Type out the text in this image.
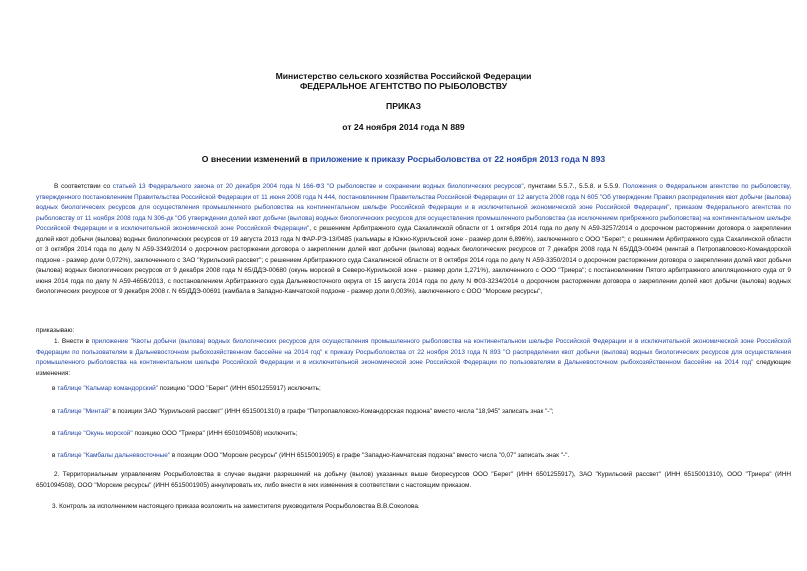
Министерство сельского хозяйства Российской Федерации
ФЕДЕРАЛЬНОЕ АГЕНТСТВО ПО РЫБОЛОВСТВУ
ПРИКАЗ
от 24 ноября 2014 года N 889
О внесении изменений в приложение к приказу Росрыболовства от 22 ноября 2013 года N 893
В соответствии со статьей 13 Федерального закона от 20 декабря 2004 года N 166-ФЗ "О рыболовстве и сохранении водных биологических ресурсов", пунктами 5.5.7., 5.5.8. и 5.5.9. Положения о Федеральном агентстве по рыболовству, утвержденного постановлением Правительства Российской Федерации от 11 июня 2008 года N 444, постановлением Правительства Российской Федерации от 12 августа 2008 года N 605 "Об утверждении Правил распределения квот добычи (вылова) водных биологических ресурсов для осуществления промышленного рыболовства на континентальном шельфе Российской Федерации и в исключительной экономической зоне Российской Федерации", приказом Федерального агентства по рыболовству от 11 ноября 2008 года N 306-дк "Об утверждении долей квот добычи (вылова) водных биологических ресурсов для осуществления промышленного рыболовства (за исключением прибрежного рыболовства) на континентальном шельфе Российской Федерации и в исключительной экономической зоне Российской Федерации", с решением Арбитражного суда Сахалинской области от 1 октября 2014 года по делу N А59-3257/2014 о досрочном расторжении договора о закреплении долей квот добычи (вылова) водных биологических ресурсов от 19 августа 2013 года N ФАР-РЭ-13/0485 (кальмары в Южно-Курильской зоне - размер доли 6,896%), заключенного с ООО "Берег"; с решением Арбитражного суда Сахалинской области от 3 октября 2014 года по делу N А59-3349/2014 о досрочном расторжении договора о закреплении долей квот добычи (вылова) водных биологических ресурсов от 7 декабря 2008 года N 65/ДДЭ-00494 (минтай в Петропавловско-Командорской подзоне - размер доли 0,072%), заключенного с ЗАО "Курильский рассвет"; с решением Арбитражного суда Сахалинской области от 8 октября 2014 года по делу N А59-3350/2014 о досрочном расторжении договора о закреплении долей квот добычи (вылова) водных биологических ресурсов от 9 декабря 2008 года N 65/ДДЭ-00680 (окунь морской в Северо-Курильской зоне - размер доли 1,271%), заключенного с ООО "Триера"; с постановлением Пятого арбитражного апелляционного суда от 9 июня 2014 года по делу N А59-4656/2013, с постановлением Арбитражного суда Дальневосточного округа от 15 августа 2014 года по делу N Ф03-3234/2014 о досрочном расторжении договора о закреплении долей квот добычи (вылова) водных биологических ресурсов от 9 декабря 2008 г. N 65/ДДЭ-00691 (камбала в Западно-Камчатской подзоне - размер доли 0,003%), заключенного с ООО "Морские ресурсы",
приказываю:
1. Внести в приложение "Квоты добычи (вылова) водных биологических ресурсов для осуществления промышленного рыболовства на континентальном шельфе Российской Федерации и в исключительной экономической зоне Российской Федерации по пользователям в Дальневосточном рыбохозяйственном бассейне на 2014 год" к приказу Росрыболовства от 22 ноября 2013 года N 893 "О распределении квот добычи (вылова) водных биологических ресурсов для осуществления промышленного рыболовства на континентальном шельфе Российской Федерации и в исключительной экономической зоне Российской Федерации по пользователям в Дальневосточном рыбохозяйственном бассейне на 2014 год" следующие изменения:
в таблице "Кальмар командорский" позицию "ООО "Берег" (ИНН 6501255917) исключить;
в таблице "Минтай" в позиции ЗАО "Курильский рассвет" (ИНН 6515001310) в графе "Петропавловско-Командорская подзона" вместо числа "18,945" записать знак "-";
в таблице "Окунь морской" позицию ООО "Триера" (ИНН 6501094508) исключить;
в таблице "Камбалы дальневосточные" в позиции ООО "Морские ресурсы" (ИНН 6515001905) в графе "Западно-Камчатская подзона" вместо числа "0,07" записать знак "-".
2. Территориальным управлениям Росрыболовства в случае выдачи разрешений на добычу (вылов) указанных выше биоресурсов ООО "Берег" (ИНН 6501255917), ЗАО "Курильский рассвет" (ИНН 6515001310), ООО "Триера" (ИНН 6501094508), ООО "Морские ресурсы" (ИНН 6515001905) аннулировать их, либо внести в них изменения в соответствии с настоящим приказом.
3. Контроль за исполнением настоящего приказа возложить на заместителя руководителя Росрыболовства В.В.Соколова.
